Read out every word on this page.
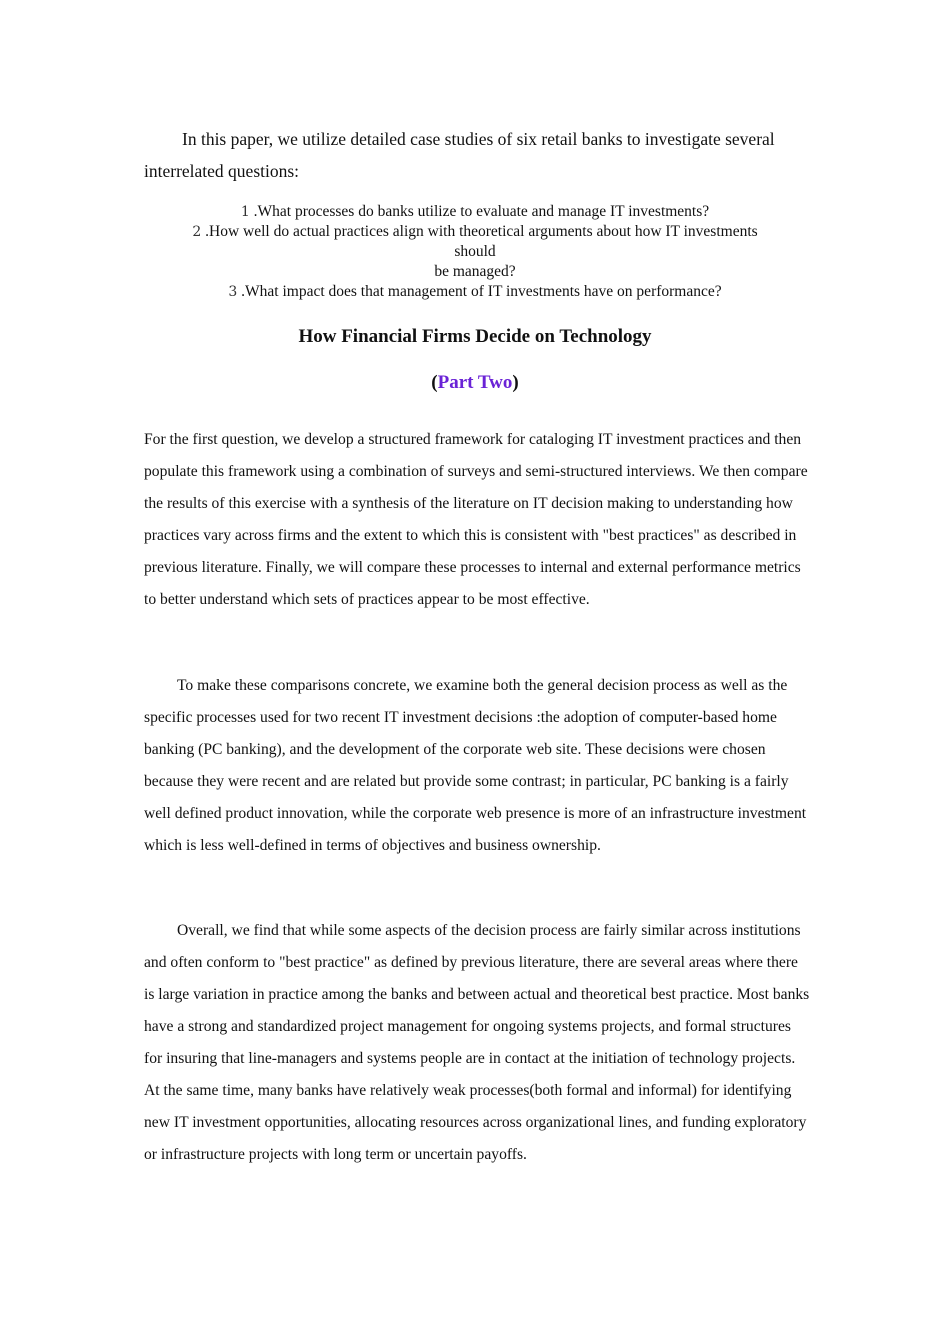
In this paper, we utilize detailed case studies of six retail banks to investigate several interrelated questions:

1 .What processes do banks utilize to evaluate and manage IT investments?
2 .How well do actual practices align with theoretical arguments about how IT investments
should
be managed?
3 .What impact does that management of IT investments have on performance?
How Financial Firms Decide on Technology
(Part Two)

For the first question, we develop a structured framework for cataloging IT investment practices and then populate this framework using a combination of surveys and semi-structured interviews. We then compare the results of this exercise with a synthesis of the literature on IT decision making to understanding how practices vary across firms and the extent to which this is consistent with "best practices" as described in previous literature. Finally, we will compare these processes to internal and external performance metrics to better understand which sets of practices appear to be most effective.

To make these comparisons concrete, we examine both the general decision process as well as the specific processes used for two recent IT investment decisions :the adoption of computer-based home banking (PC banking), and the development of the corporate web site. These decisions were chosen because they were recent and are related but provide some contrast; in particular, PC banking is a fairly well defined product innovation, while the corporate web presence is more of an infrastructure investment which is less well-defined in terms of objectives and business ownership.

Overall, we find that while some aspects of the decision process are fairly similar across institutions and often conform to "best practice" as defined by previous literature, there are several areas where there is large variation in practice among the banks and between actual and theoretical best practice. Most banks have a strong and standardized project management for ongoing systems projects, and formal structures for insuring that line-managers and systems people are in contact at the initiation of technology projects. At the same time, many banks have relatively weak processes(both formal and informal) for identifying new IT investment opportunities, allocating resources across organizational lines, and funding exploratory or infrastructure projects with long term or uncertain payoffs.
